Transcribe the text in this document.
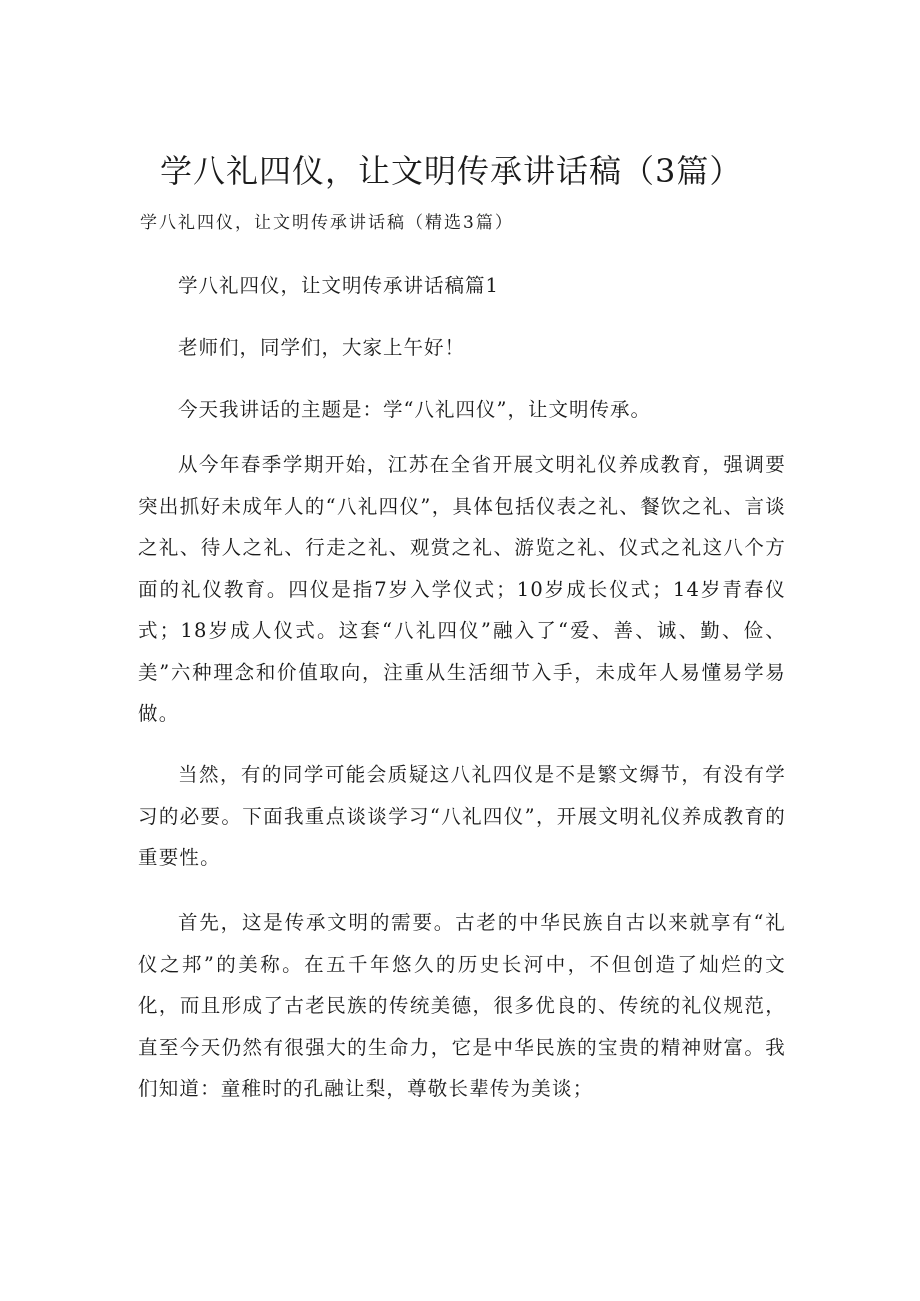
学八礼四仪，让文明传承讲话稿（3篇）

学八礼四仪，让文明传承讲话稿（精选3篇）

学八礼四仪，让文明传承讲话稿篇1

老师们，同学们，大家上午好！

今天我讲话的主题是：学“八礼四仪”，让文明传承。

从今年春季学期开始，江苏在全省开展文明礼仪养成教育，强调要突出抓好未成年人的“八礼四仪”，具体包括仪表之礼、餐饮之礼、言谈之礼、待人之礼、行走之礼、观赏之礼、游览之礼、仪式之礼这八个方面的礼仪教育。四仪是指7岁入学仪式；10岁成长仪式；14岁青春仪式；18岁成人仪式。这套“八礼四仪”融入了“爱、善、诚、勤、俭、美”六种理念和价值取向，注重从生活细节入手，未成年人易懂易学易做。

当然，有的同学可能会质疑这八礼四仪是不是繁文缛节，有没有学习的必要。下面我重点谈谈学习“八礼四仪”，开展文明礼仪养成教育的重要性。

首先，这是传承文明的需要。古老的中华民族自古以来就享有“礼仪之邦”的美称。在五千年悠久的历史长河中，不但创造了灿烂的文化，而且形成了古老民族的传统美德，很多优良的、传统的礼仪规范，直至今天仍然有很强大的生命力，它是中华民族的宝贵的精神财富。我们知道：童稚时的孔融让梨，尊敬长辈传为美谈；
